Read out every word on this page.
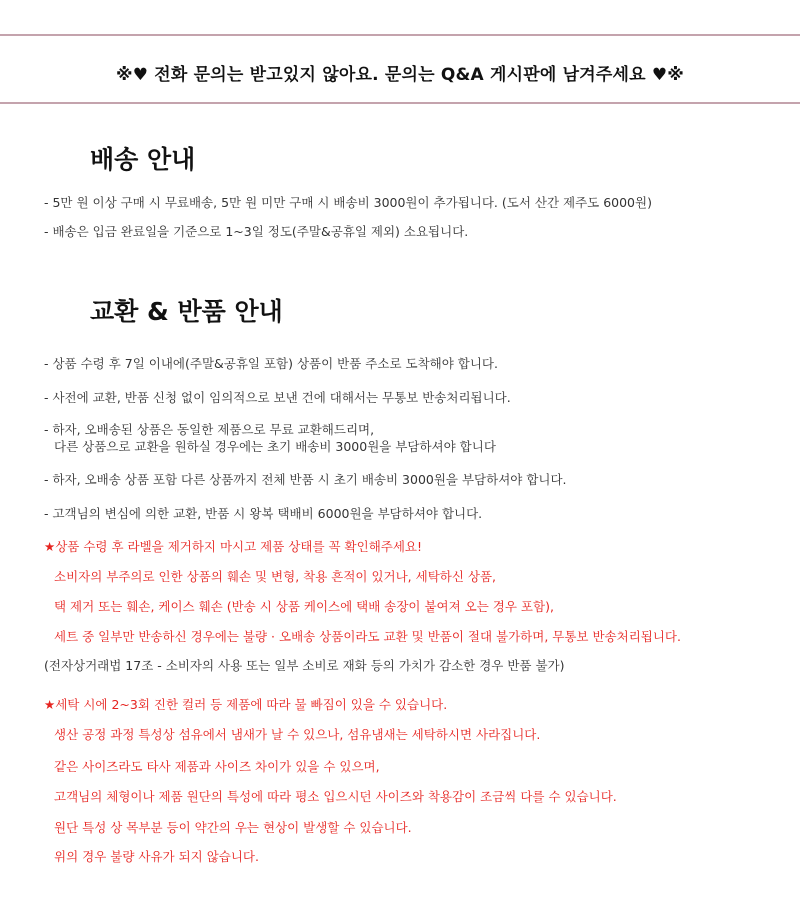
※♥ 전화 문의는 받고있지 않아요. 문의는 Q&A 게시판에 남겨주세요 ♥※
배송 안내
- 5만 원 이상 구매 시 무료배송, 5만 원 미만 구매 시 배송비 3000원이 추가됩니다. (도서 산간 제주도 6000원)
- 배송은 입금 완료일을 기준으로 1~3일 정도(주말&공휴일 제외) 소요됩니다.
교환 & 반품 안내
- 상품 수령 후 7일 이내에(주말&공휴일 포함) 상품이 반품 주소로 도착해야 합니다.
- 사전에 교환, 반품 신청 없이 임의적으로 보낸 건에 대해서는 무통보 반송처리됩니다.
- 하자, 오배송된 상품은 동일한 제품으로 무료 교환해드리며,
다른 상품으로 교환을 원하실 경우에는 초기 배송비 3000원을 부담하셔야 합니다
- 하자, 오배송 상품 포함 다른 상품까지 전체 반품 시 초기 배송비 3000원을 부담하셔야 합니다.
- 고객님의 변심에 의한 교환, 반품 시 왕복 택배비 6000원을 부담하셔야 합니다.
★상품 수령 후 라벨을 제거하지 마시고 제품 상태를 꼭 확인해주세요!
소비자의 부주의로 인한 상품의 훼손 및 변형, 착용 흔적이 있거나, 세탁하신 상품,
택 제거 또는 훼손, 케이스 훼손 (반송 시 상품 케이스에 택배 송장이 붙여져 오는 경우 포함),
세트 중 일부만 반송하신 경우에는 불량 · 오배송 상품이라도 교환 및 반품이 절대 불가하며, 무통보 반송처리됩니다.
(전자상거래법 17조 - 소비자의 사용 또는 일부 소비로 재화 등의 가치가 감소한 경우 반품 불가)
★세탁 시에 2~3회 진한 컬러 등 제품에 따라 물 빠짐이 있을 수 있습니다.
생산 공정 과정 특성상 섬유에서 냄새가 날 수 있으나, 섬유냄새는 세탁하시면 사라집니다.
같은 사이즈라도 타사 제품과 사이즈 차이가 있을 수 있으며,
고객님의 체형이나 제품 원단의 특성에 따라 평소 입으시던 사이즈와 착용감이 조금씩 다를 수 있습니다.
원단 특성 상 목부분 등이 약간의 우는 현상이 발생할 수 있습니다.
위의 경우 불량 사유가 되지 않습니다.
